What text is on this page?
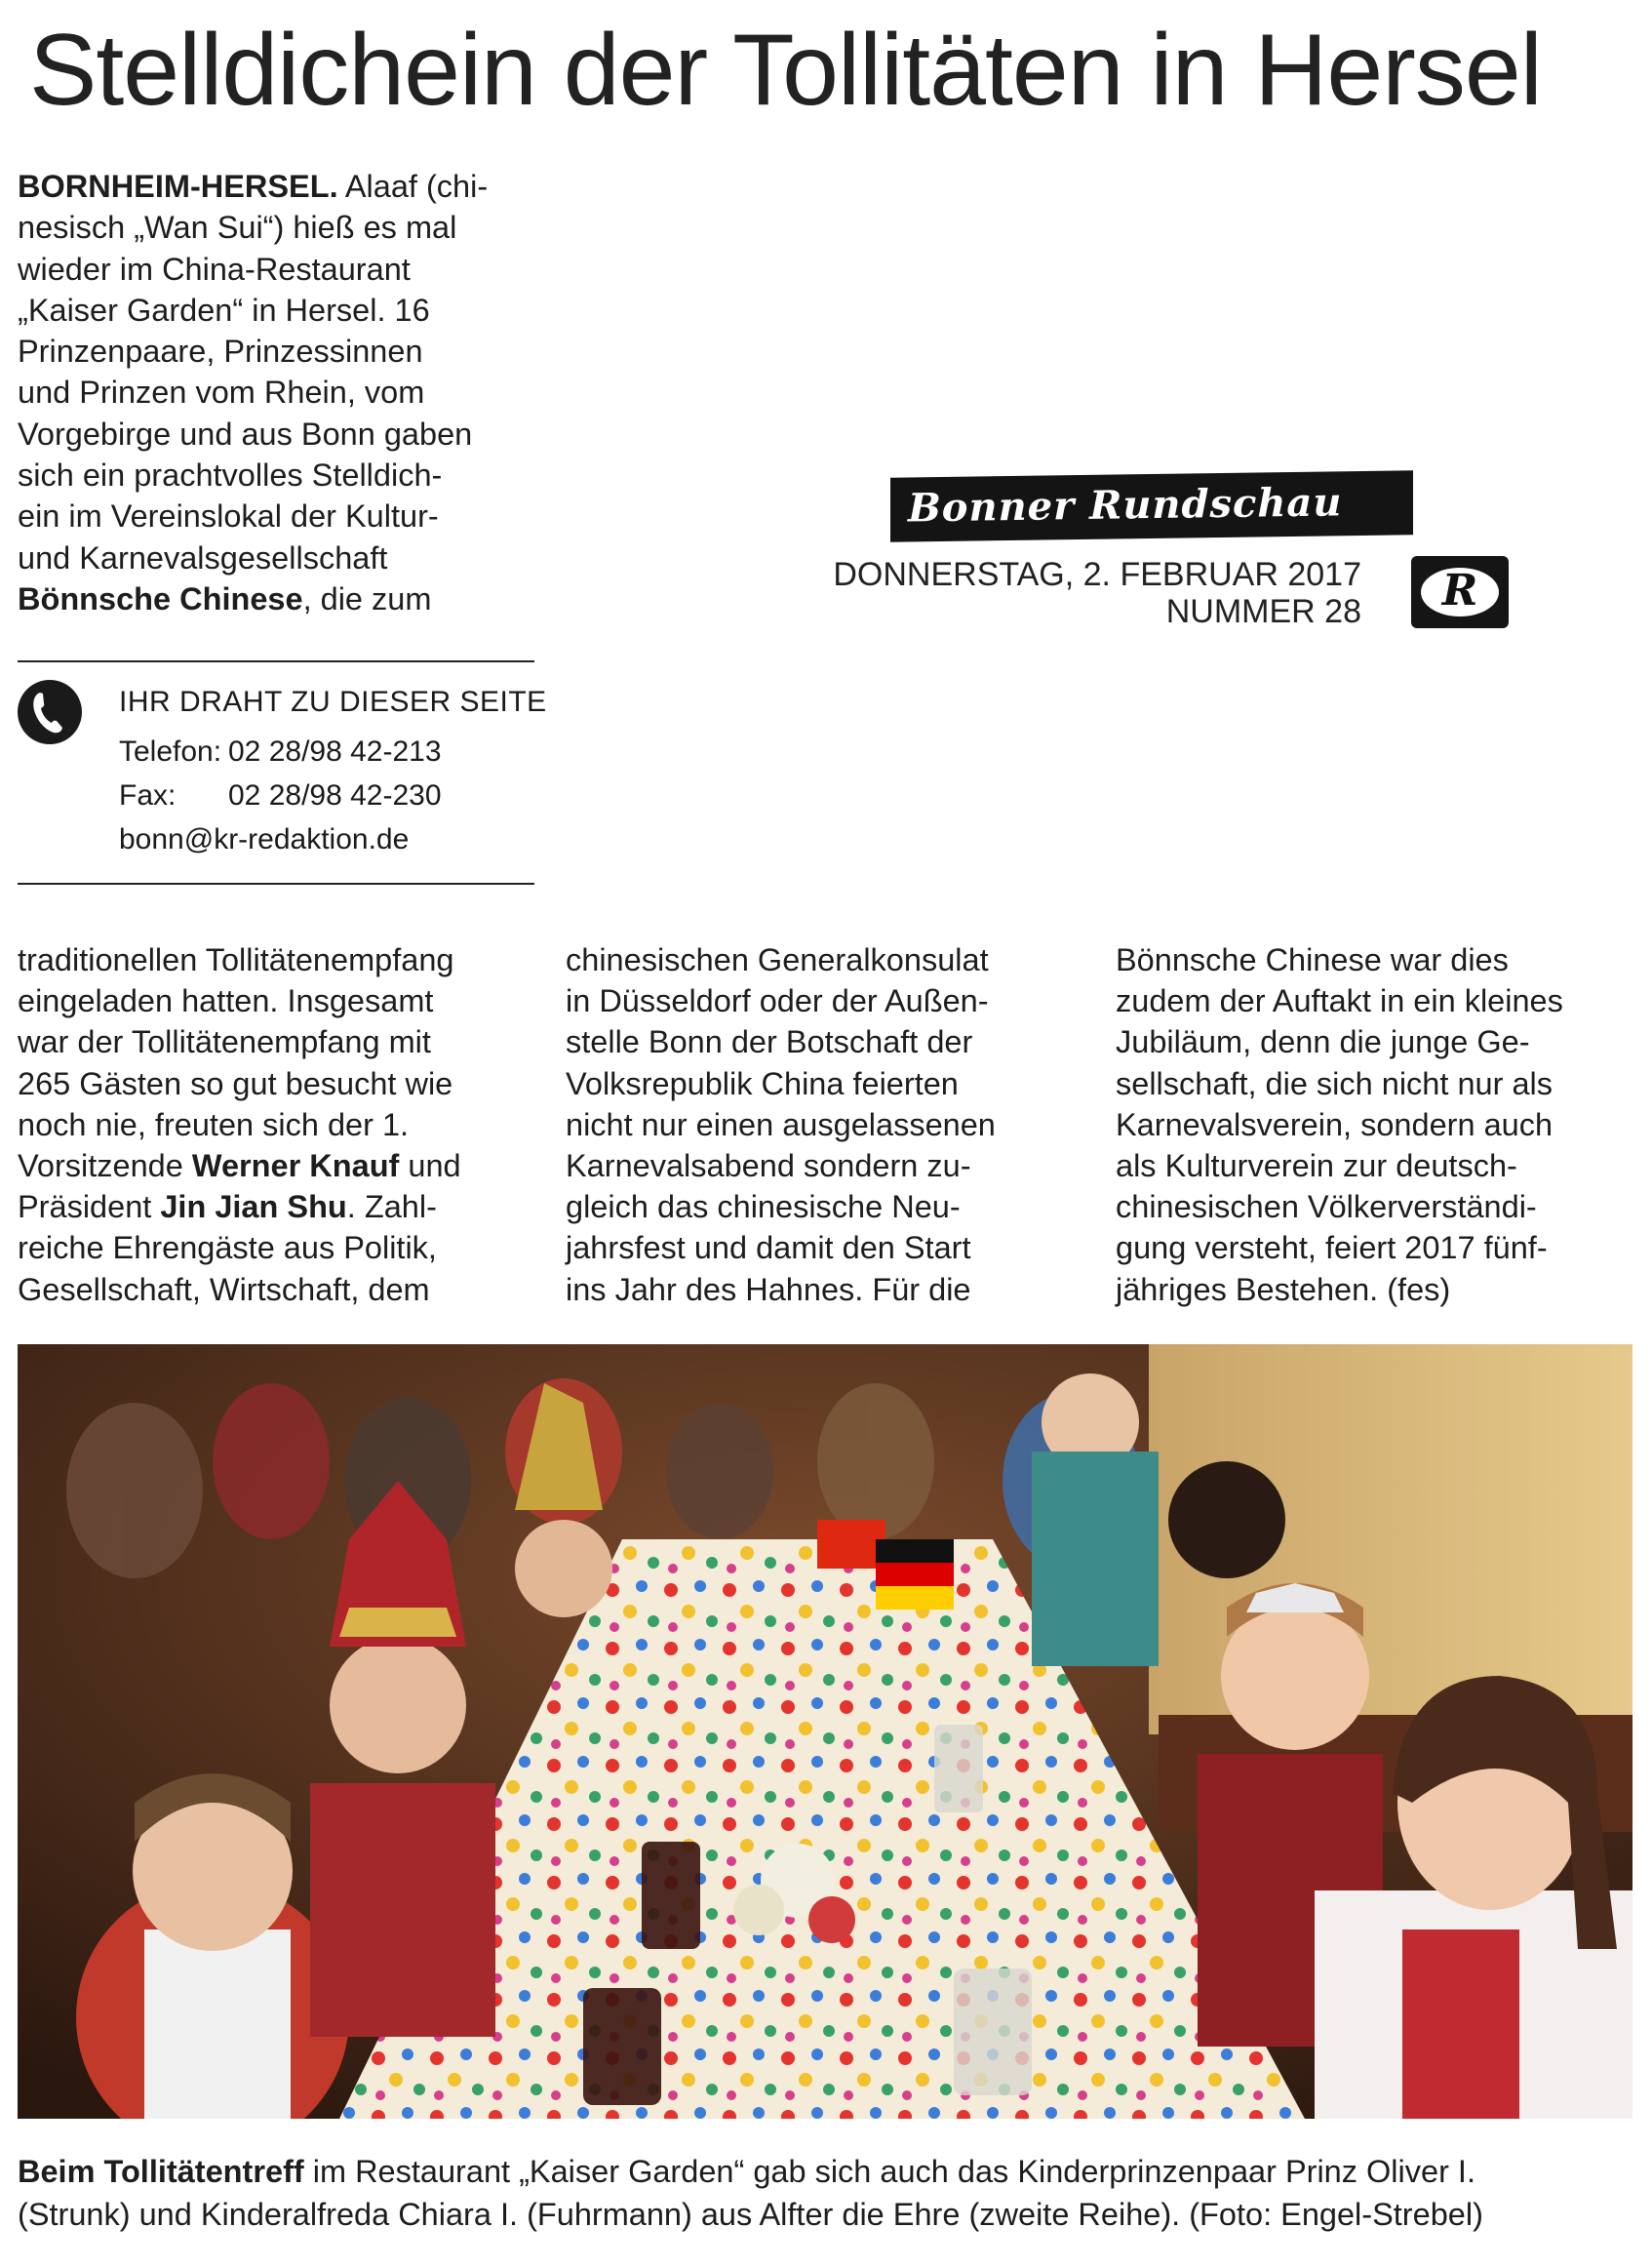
Stelldichein der Tollitäten in Hersel

BORNHEIM-HERSEL. Alaaf (chi-

nesisch „Wan Sui“) hieß es mal

wieder im China-Restaurant

„Kaiser Garden“ in Hersel. 16

Prinzenpaare, Prinzessinnen

und Prinzen vom Rhein, vom

Vorgebirge und aus Bonn gaben

sich ein prachtvolles Stelldich-

ein im Vereinslokal der Kultur-

und Karnevalsgesellschaft

Bönnsche Chinese, die zum

IHR DRAHT ZU DIESER SEITE
Telefon: 02 28/98 42-213
Fax: 02 28/98 42-230
bonn@kr-redaktion.de
Bonner Rundschau
DONNERSTAG, 2. FEBRUAR 2017
NUMMER 28	R

traditionellen Tollitätenempfang

eingeladen hatten. Insgesamt

war der Tollitätenempfang mit

265 Gästen so gut besucht wie

noch nie, freuten sich der 1.

Vorsitzende Werner Knauf und

Präsident Jin Jian Shu. Zahl-

reiche Ehrengäste aus Politik,

Gesellschaft, Wirtschaft, dem

chinesischen Generalkonsulat

in Düsseldorf oder der Außen-

stelle Bonn der Botschaft der

Volksrepublik China feierten

nicht nur einen ausgelassenen

Karnevalsabend sondern zu-

gleich das chinesische Neu-

jahrsfest und damit den Start

ins Jahr des Hahnes. Für die

Bönnsche Chinese war dies

zudem der Auftakt in ein kleines

Jubiläum, denn die junge Ge-

sellschaft, die sich nicht nur als

Karnevalsverein, sondern auch

als Kulturverein zur deutsch-

chinesischen Völkerverständi-

gung versteht, feiert 2017 fünf-

jähriges Bestehen. (fes)

Beim Tollitätentreff im Restaurant „Kaiser Garden“ gab sich auch das Kinderprinzenpaar Prinz Oliver I.

(Strunk) und Kinderalfreda Chiara I. (Fuhrmann) aus Alfter die Ehre (zweite Reihe). (Foto: Engel-Strebel)
